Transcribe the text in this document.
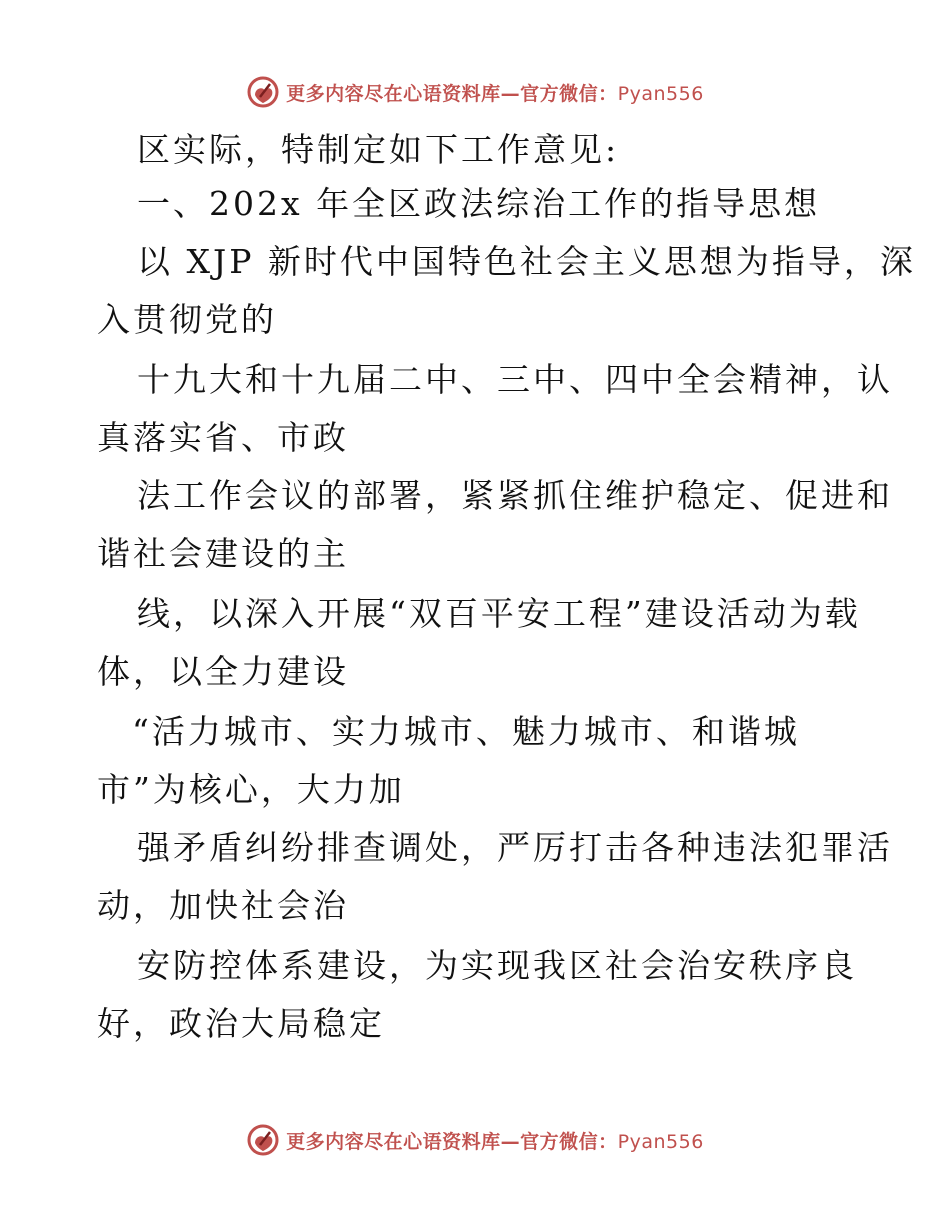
更多内容尽在心语资料库—官方微信：Pyan556
区实际，特制定如下工作意见:
一、202x 年全区政法综治工作的指导思想
以 XJP 新时代中国特色社会主义思想为指导，深
入贯彻党的
十九大和十九届二中、三中、四中全会精神，认
真落实省、市政
法工作会议的部署，紧紧抓住维护稳定、促进和
谐社会建设的主
线，以深入开展“双百平安工程”建设活动为载
体，以全力建设
“活力城市、实力城市、魅力城市、和谐城
市”为核心，大力加
强矛盾纠纷排查调处，严厉打击各种违法犯罪活
动，加快社会治
安防控体系建设，为实现我区社会治安秩序良
好，政治大局稳定
更多内容尽在心语资料库—官方微信：Pyan556
